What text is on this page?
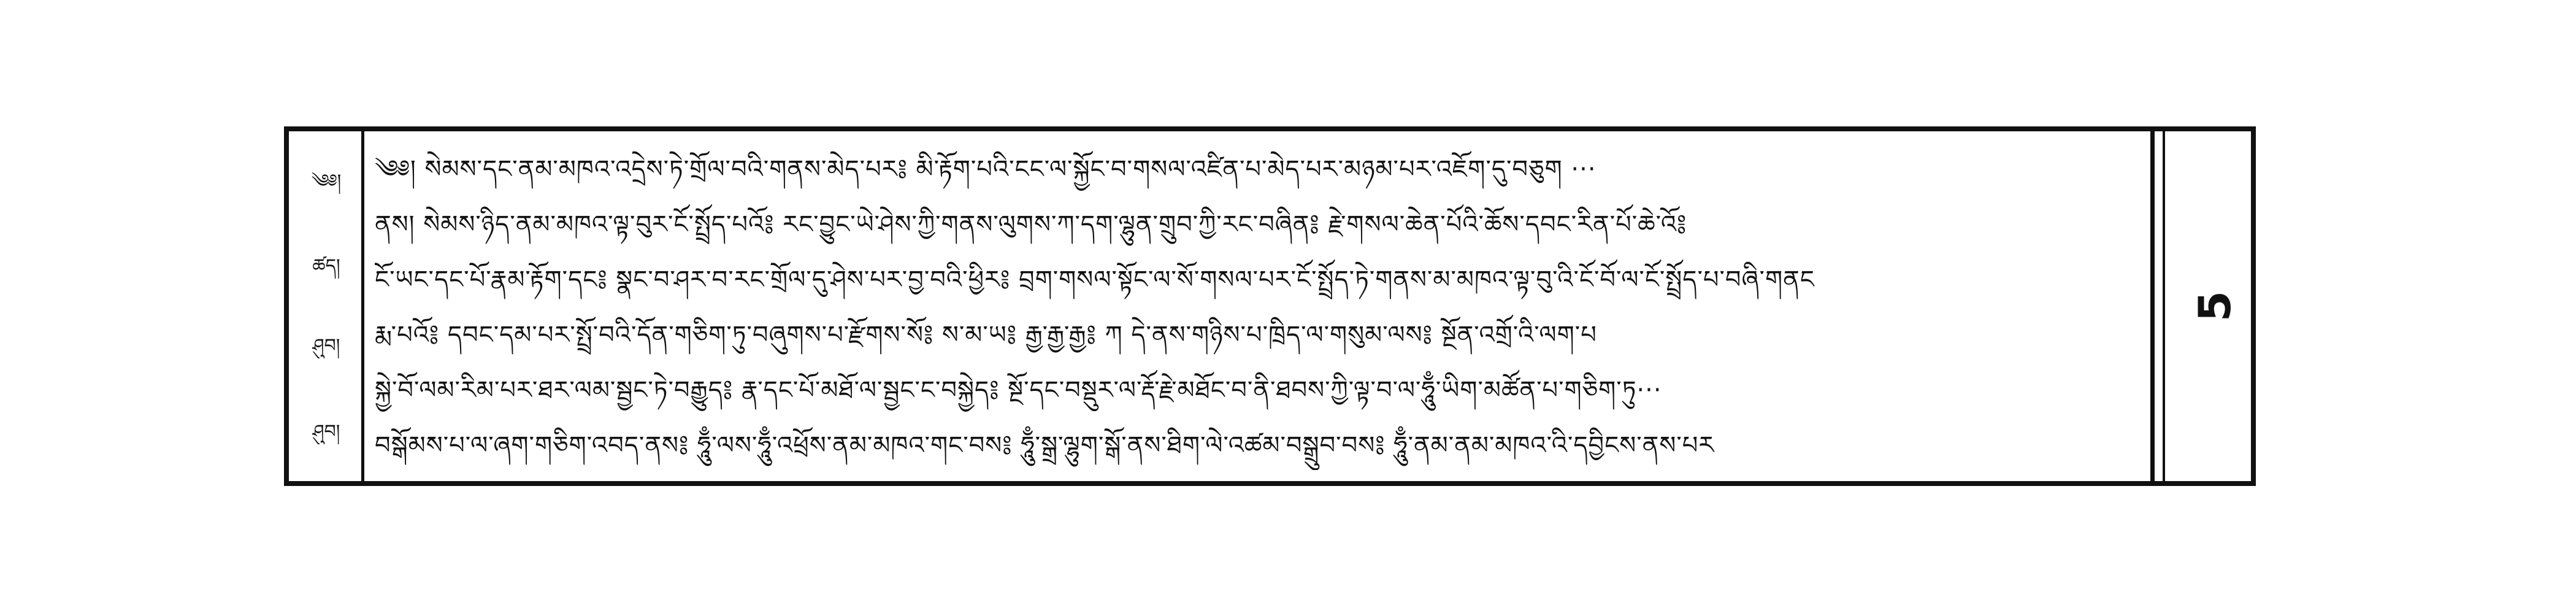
༄༅།
ཚད།
ཤུབ།
ཤུབ།
༄༅། སེམས་དང་ནམ་མཁའ་འདྲེས་ཏེ་གྲོལ་བའི་གནས་མེད་པར༔ མི་རྟོག་པའི་ངང་ལ་སྐྱོང་བ་གསལ་འཛིན་པ་མེད་པར་མཉམ་པར་འཇོག་དུ་བཅུག ···
ནས། སེམས་ཉིད་ནམ་མཁའ་ལྟ་བུར་ངོ་སྤྲོད་པའོ༔ རང་བྱུང་ཡེ་ཤེས་ཀྱི་གནས་ལུགས་ཀ་དག་ལྷུན་གྲུབ་ཀྱི་རང་བཞིན༔ རྗེ་གསལ་ཆེན་པོའི་ཆོས་དབང་རིན་པོ་ཆེ་འོ༔
ངོ་ཡང་དང་པོ་རྣམ་རྟོག་དང༔ སྣང་བ་ཤར་བ་རང་གྲོལ་དུ་ཤེས་པར་བྱ་བའི་ཕྱིར༔ བྲག་གསལ་སྟོང་ལ་སོ་གསལ་པར་ངོ་སྤྲོད་ཏེ་གནས་མ་མཁའ་ལྟ་བུ་འི་ངོ་བོ་ལ་ངོ་སྤྲོད་པ་བཞི་གནང
རྨ་པའོ༔ དབང་དམ་པར་སྤྲོ་བའི་དོན་གཅིག་ཏུ་བཞུགས་པ་རྫོགས་སོ༔ ས་མ་ཡ༔ རྒྱ་རྒྱ་རྒྱ༔ ཀ དེ་ནས་གཉིས་པ་ཁྲིད་ལ་གསུམ་ལས༔ སྔོན་འགྲོ་འི་ལག་པ
སྐྱེ་བོ་ལམ་རིམ་པར་ཐར་ལམ་སྦྱང་ཏེ་བརྒྱུད༔ རྣ་དང་པོ་མཐོ་ལ་སྦྱང་ང་བསྐྱེད༔ སྔོ་དང་བསྡུར་ལ་རྡོ་རྗེ་མཐོང་བ་ནི་ཐབས་ཀྱི་ལྟ་བ་ལ་ཧཱུྃ་ཡིག་མཚོན་པ་གཅིག་ཏུ···
བསྒོམས་པ་ལ་ཞག་གཅིག་འབད་ནས༔ ཧཱུྃ་ལས་ཧཱུྃ་འཕྲོས་ནམ་མཁའ་གང་བས༔ ཧཱུྃ་སྒྲ་ལྷུག་སྒོ་ནས་ཐིག་ལེ་འཚམ་བསྒྲུབ་བས༔ ཧཱུྃ་ནམ་ནམ་མཁའ་འི་དབྱིངས་ནས་པར
5
